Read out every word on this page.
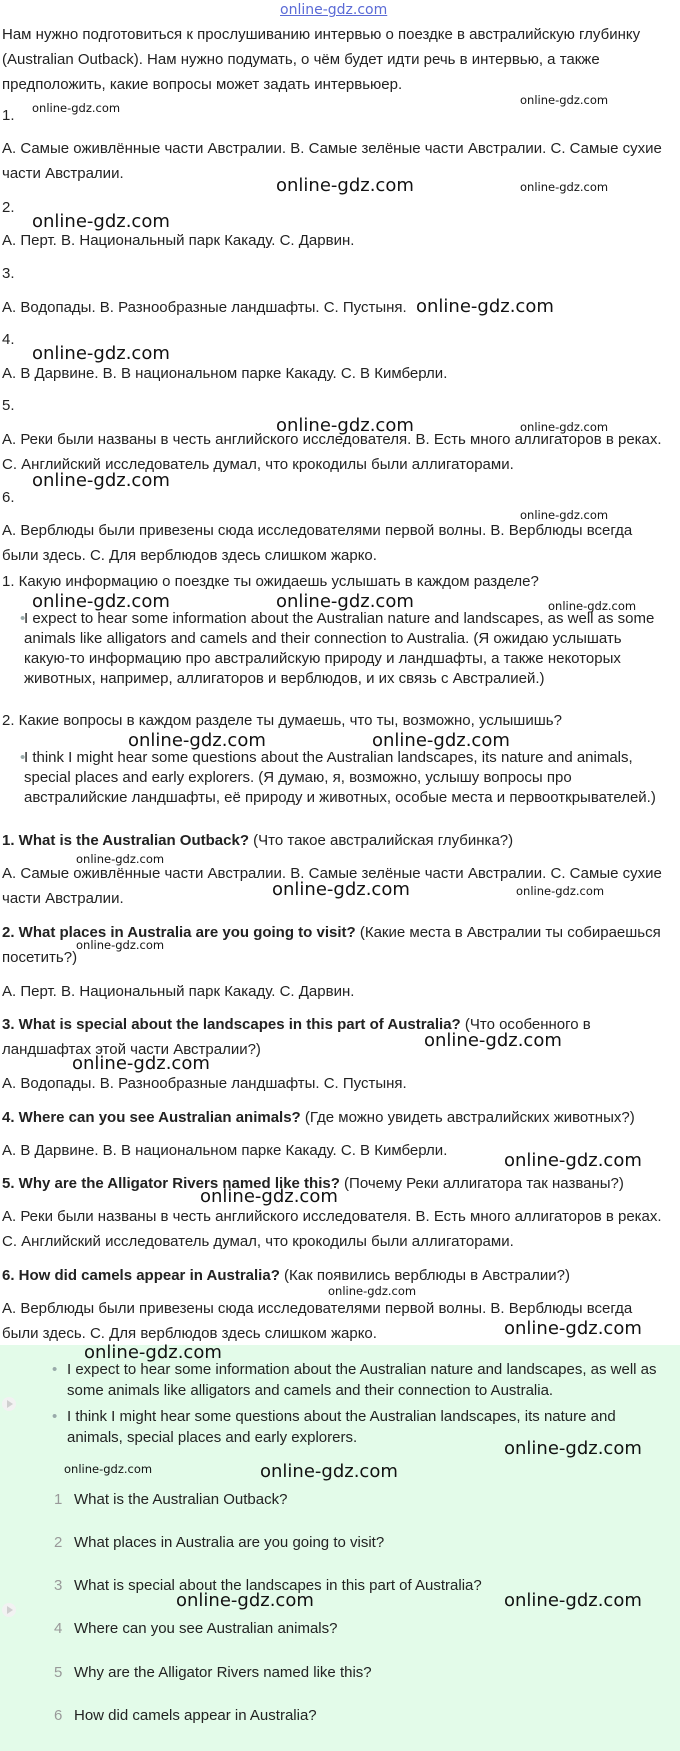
Нам нужно подготовиться к прослушиванию интервью о поездке в австралийскую глубинку (Australian Outback). Нам нужно подумать, о чём будет идти речь в интервью, а также предположить, какие вопросы может задать интервьюер.

1.

A. Самые оживлённые части Австралии. B. Самые зелёные части Австралии. C. Самые сухие части Австралии.

2.

A. Перт. B. Национальный парк Какаду. C. Дарвин.

3.

A. Водопады. B. Разнообразные ландшафты. C. Пустыня.

4.

A. В Дарвине. B. В национальном парке Какаду. C. В Кимберли.

5.

A. Реки были названы в честь английского исследователя. B. Есть много аллигаторов в реках. C. Английский исследователь думал, что крокодилы были аллигаторами.

6.

A. Верблюды были привезены сюда исследователями первой волны. B. Верблюды всегда были здесь. C. Для верблюдов здесь слишком жарко.

1. Какую информацию о поездке ты ожидаешь услышать в каждом разделе?
•
I expect to hear some information about the Australian nature and landscapes, as well as some animals like alligators and camels and their connection to Australia. (Я ожидаю услышать какую-то информацию про австралийскую природу и ландшафты, а также некоторых животных, например, аллигаторов и верблюдов, и их связь с Австралией.)
2. Какие вопросы в каждом разделе ты думаешь, что ты, возможно, услышишь?
•
I think I might hear some questions about the Australian landscapes, its nature and animals, special places and early explorers. (Я думаю, я, возможно, услышу вопросы про австралийские ландшафты, её природу и животных, особые места и первооткрывателей.)
1. What is the Australian Outback? (Что такое австралийская глубинка?)

A. Самые оживлённые части Австралии. B. Самые зелёные части Австралии. C. Самые сухие части Австралии.

2. What places in Australia are you going to visit? (Какие места в Австралии ты собираешься посетить?)

A. Перт. B. Национальный парк Какаду. C. Дарвин.

3. What is special about the landscapes in this part of Australia? (Что особенного в ландшафтах этой части Австралии?)

A. Водопады. B. Разнообразные ландшафты. C. Пустыня.

4. Where can you see Australian animals? (Где можно увидеть австралийских животных?)

A. В Дарвине. B. В национальном парке Какаду. C. В Кимберли.

5. Why are the Alligator Rivers named like this? (Почему Реки аллигатора так названы?)

A. Реки были названы в честь английского исследователя. B. Есть много аллигаторов в реках. C. Английский исследователь думал, что крокодилы были аллигаторами.

6. How did camels appear in Australia? (Как появились верблюды в Австралии?)

A. Верблюды были привезены сюда исследователями первой волны. B. Верблюды всегда были здесь. C. Для верблюдов здесь слишком жарко.

• I expect to hear some information about the Australian nature and landscapes, as well as some animals like alligators and camels and their connection to Australia.
• I think I might hear some questions about the Australian landscapes, its nature and animals, special places and early explorers.
1 What is the Australian Outback?
2 What places in Australia are you going to visit?
3 What is special about the landscapes in this part of Australia?
4 Where can you see Australian animals?
5 Why are the Alligator Rivers named like this?
6 How did camels appear in Australia?
online-gdz.com
online-gdz.com
online-gdz.com
online-gdz.com	online-gdz.com
online-gdz.com
online-gdz.com
online-gdz.com
online-gdz.com	online-gdz.com
online-gdz.com
online-gdz.com
online-gdz.com	online-gdz.com	online-gdz.com
online-gdz.com	online-gdz.com
online-gdz.com
online-gdz.com	online-gdz.com
online-gdz.com
online-gdz.com
online-gdz.com
online-gdz.com
online-gdz.com
online-gdz.com
online-gdz.com
online-gdz.com
online-gdz.com
online-gdz.com	online-gdz.com
online-gdz.com	online-gdz.com
